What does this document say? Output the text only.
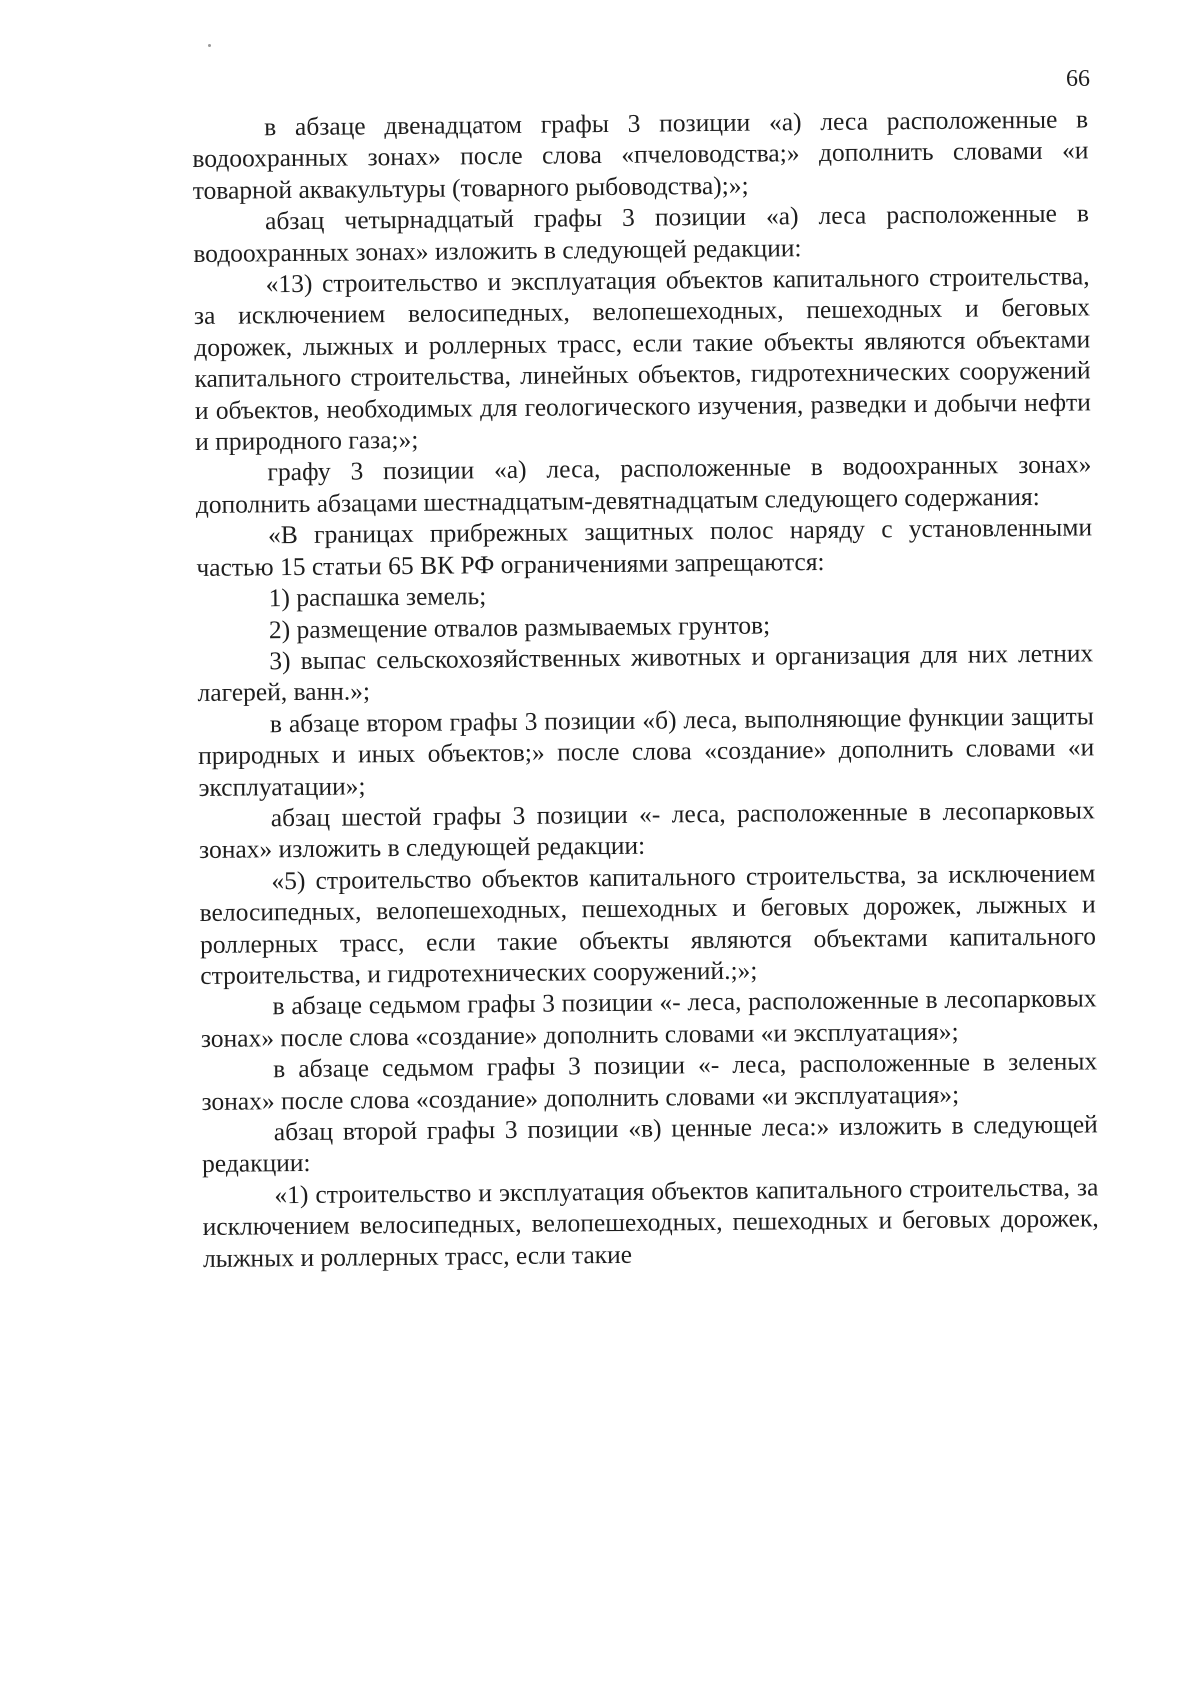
66

в абзаце двенадцатом графы 3 позиции «а) леса расположенные в водоохранных зонах» после слова «пчеловодства;» дополнить словами «и товарной аквакультуры (товарного рыбоводства);»;

абзац четырнадцатый графы 3 позиции «а) леса расположенные в водоохранных зонах» изложить в следующей редакции:

«13) строительство и эксплуатация объектов капитального строительства, за исключением велосипедных, велопешеходных, пешеходных и беговых дорожек, лыжных и роллерных трасс, если такие объекты являются объектами капитального строительства, линейных объектов, гидротехнических сооружений и объектов, необходимых для геологического изучения, разведки и добычи нефти и природного газа;»;

графу 3 позиции «а) леса, расположенные в водоохранных зонах» дополнить абзацами шестнадцатым-девятнадцатым следующего содержания:

«В границах прибрежных защитных полос наряду с установленными частью 15 статьи 65 ВК РФ ограничениями запрещаются:

1) распашка земель;

2) размещение отвалов размываемых грунтов;

3) выпас сельскохозяйственных животных и организация для них летних лагерей, ванн.»;

в абзаце втором графы 3 позиции «б) леса, выполняющие функции защиты природных и иных объектов;» после слова «создание» дополнить словами «и эксплуатации»;

абзац шестой графы 3 позиции «- леса, расположенные в лесопарковых зонах» изложить в следующей редакции:

«5) строительство объектов капитального строительства, за исключением велосипедных, велопешеходных, пешеходных и беговых дорожек, лыжных и роллерных трасс, если такие объекты являются объектами капитального строительства, и гидротехнических сооружений.;»;

в абзаце седьмом графы 3 позиции «- леса, расположенные в лесопарковых зонах» после слова «создание» дополнить словами «и эксплуатация»;

в абзаце седьмом графы 3 позиции «- леса, расположенные в зеленых зонах» после слова «создание» дополнить словами «и эксплуатация»;

абзац второй графы 3 позиции «в) ценные леса:» изложить в следующей редакции:

«1) строительство и эксплуатация объектов капитального строительства, за исключением велосипедных, велопешеходных, пешеходных и беговых дорожек, лыжных и роллерных трасс, если такие
